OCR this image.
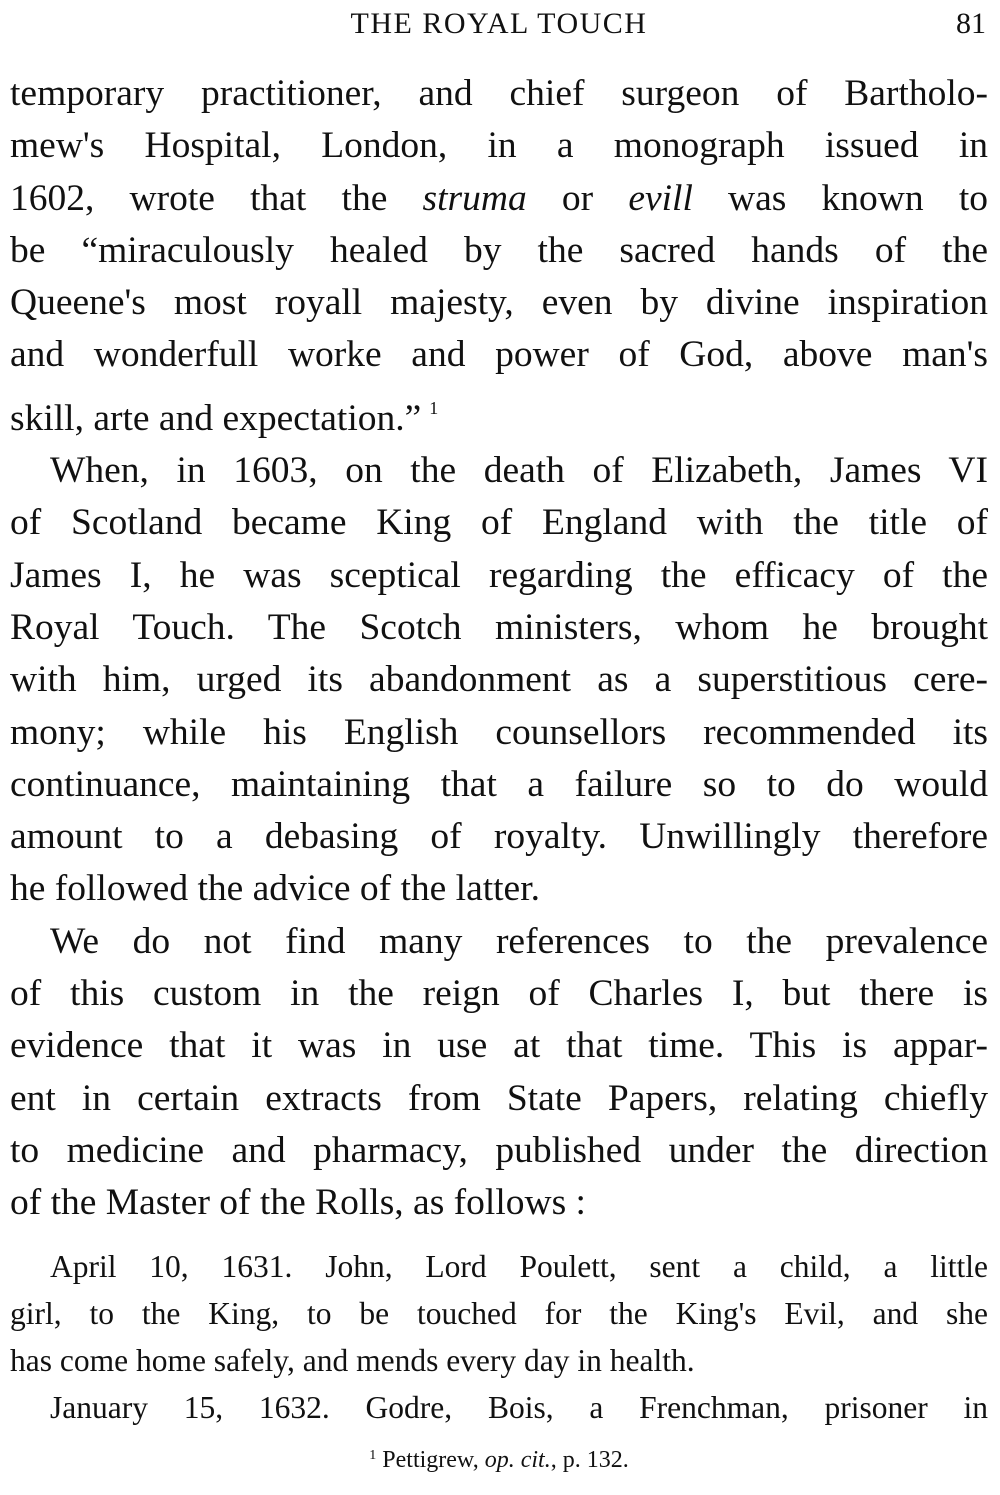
THE ROYAL TOUCH	81
temporary practitioner, and chief surgeon of Bartholo-
mew's Hospital, London, in a monograph issued in
1602, wrote that the struma or evill was known to
be “miraculously healed by the sacred hands of the
Queene's most royall majesty, even by divine inspiration
and wonderfull worke and power of God, above man's
skill, arte and expectation.” $^1$
When, in 1603, on the death of Elizabeth, James VI
of Scotland became King of England with the title of
James I, he was sceptical regarding the efficacy of the
Royal Touch. The Scotch ministers, whom he brought
with him, urged its abandonment as a superstitious cere-
mony; while his English counsellors recommended its
continuance, maintaining that a failure so to do would
amount to a debasing of royalty. Unwillingly therefore
he followed the advice of the latter.
We do not find many references to the prevalence
of this custom in the reign of Charles I, but there is
evidence that it was in use at that time. This is appar-
ent in certain extracts from State Papers, relating chiefly
to medicine and pharmacy, published under the direction
of the Master of the Rolls, as follows :
April 10, 1631. John, Lord Poulett, sent a child, a little
girl, to the King, to be touched for the King's Evil, and she
has come home safely, and mends every day in health.
January 15, 1632. Godre, Bois, a Frenchman, prisoner in
$^1$ Pettigrew, op. cit., p. 132.
